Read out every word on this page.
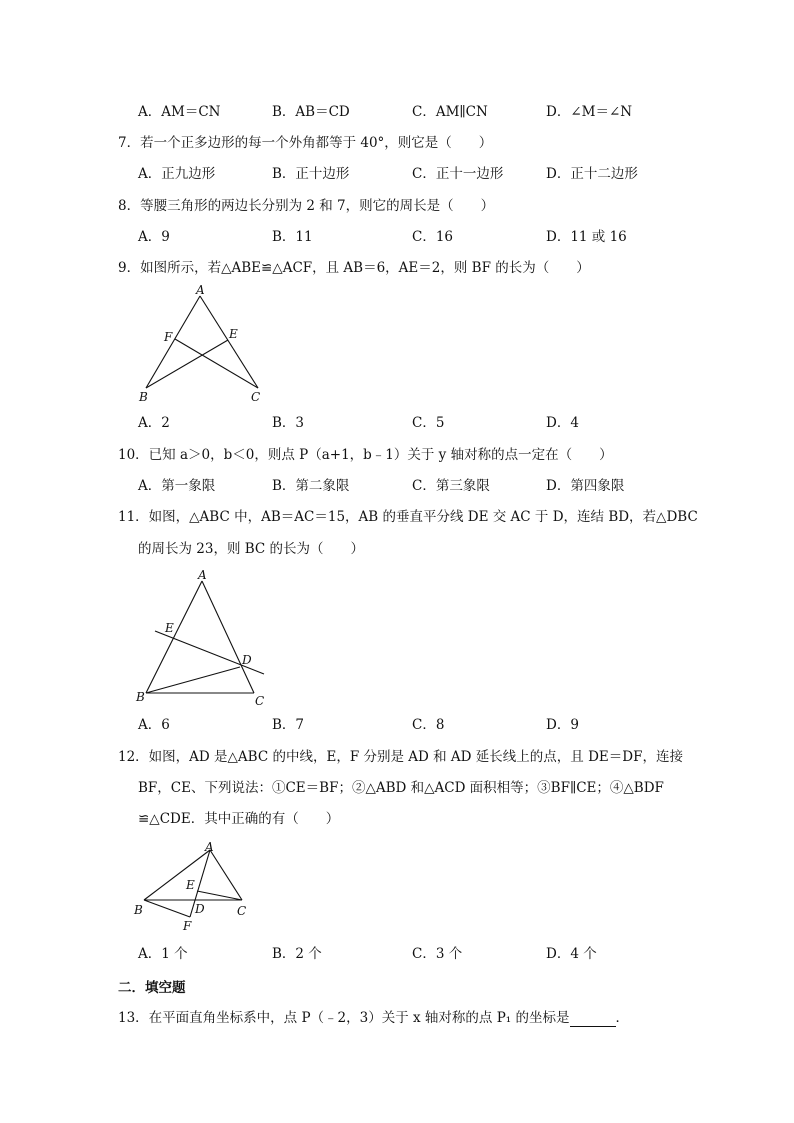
A．AM＝CN	B．AB＝CD	C．AM∥CN	D．∠M＝∠N
7．若一个正多边形的每一个外角都等于 40°，则它是（　　）
A．正九边形	B．正十边形	C．正十一边形	D．正十二边形
8．等腰三角形的两边长分别为 2 和 7，则它的周长是（　　）
A．9	B．11	C．16	D．11 或 16
9．如图所示，若△ABE≌△ACF，且 AB＝6，AE＝2，则 BF 的长为（　　）
A
F	E
B	C
A．2	B．3	C．5	D．4
10．已知 a＞0，b＜0，则点 P（a+1，b﹣1）关于 y 轴对称的点一定在（　　）
A．第一象限	B．第二象限	C．第三象限	D．第四象限
11．如图，△ABC 中，AB＝AC＝15，AB 的垂直平分线 DE 交 AC 于 D，连结 BD，若△DBC
的周长为 23，则 BC 的长为（　　）
A
E
D
B	C
A．6	B．7	C．8	D．9
12．如图，AD 是△ABC 的中线，E，F 分别是 AD 和 AD 延长线上的点，且 DE＝DF，连接
BF，CE、下列说法：①CE＝BF；②△ABD 和△ACD 面积相等；③BF∥CE；④△BDF
≌△CDE．其中正确的有（　　）
A
E
B	D	C
F
A．1 个	B．2 个	C．3 个	D．4 个
二．填空题
13．在平面直角坐标系中，点 P（﹣2，3）关于 x 轴对称的点 P₁ 的坐标是	．
